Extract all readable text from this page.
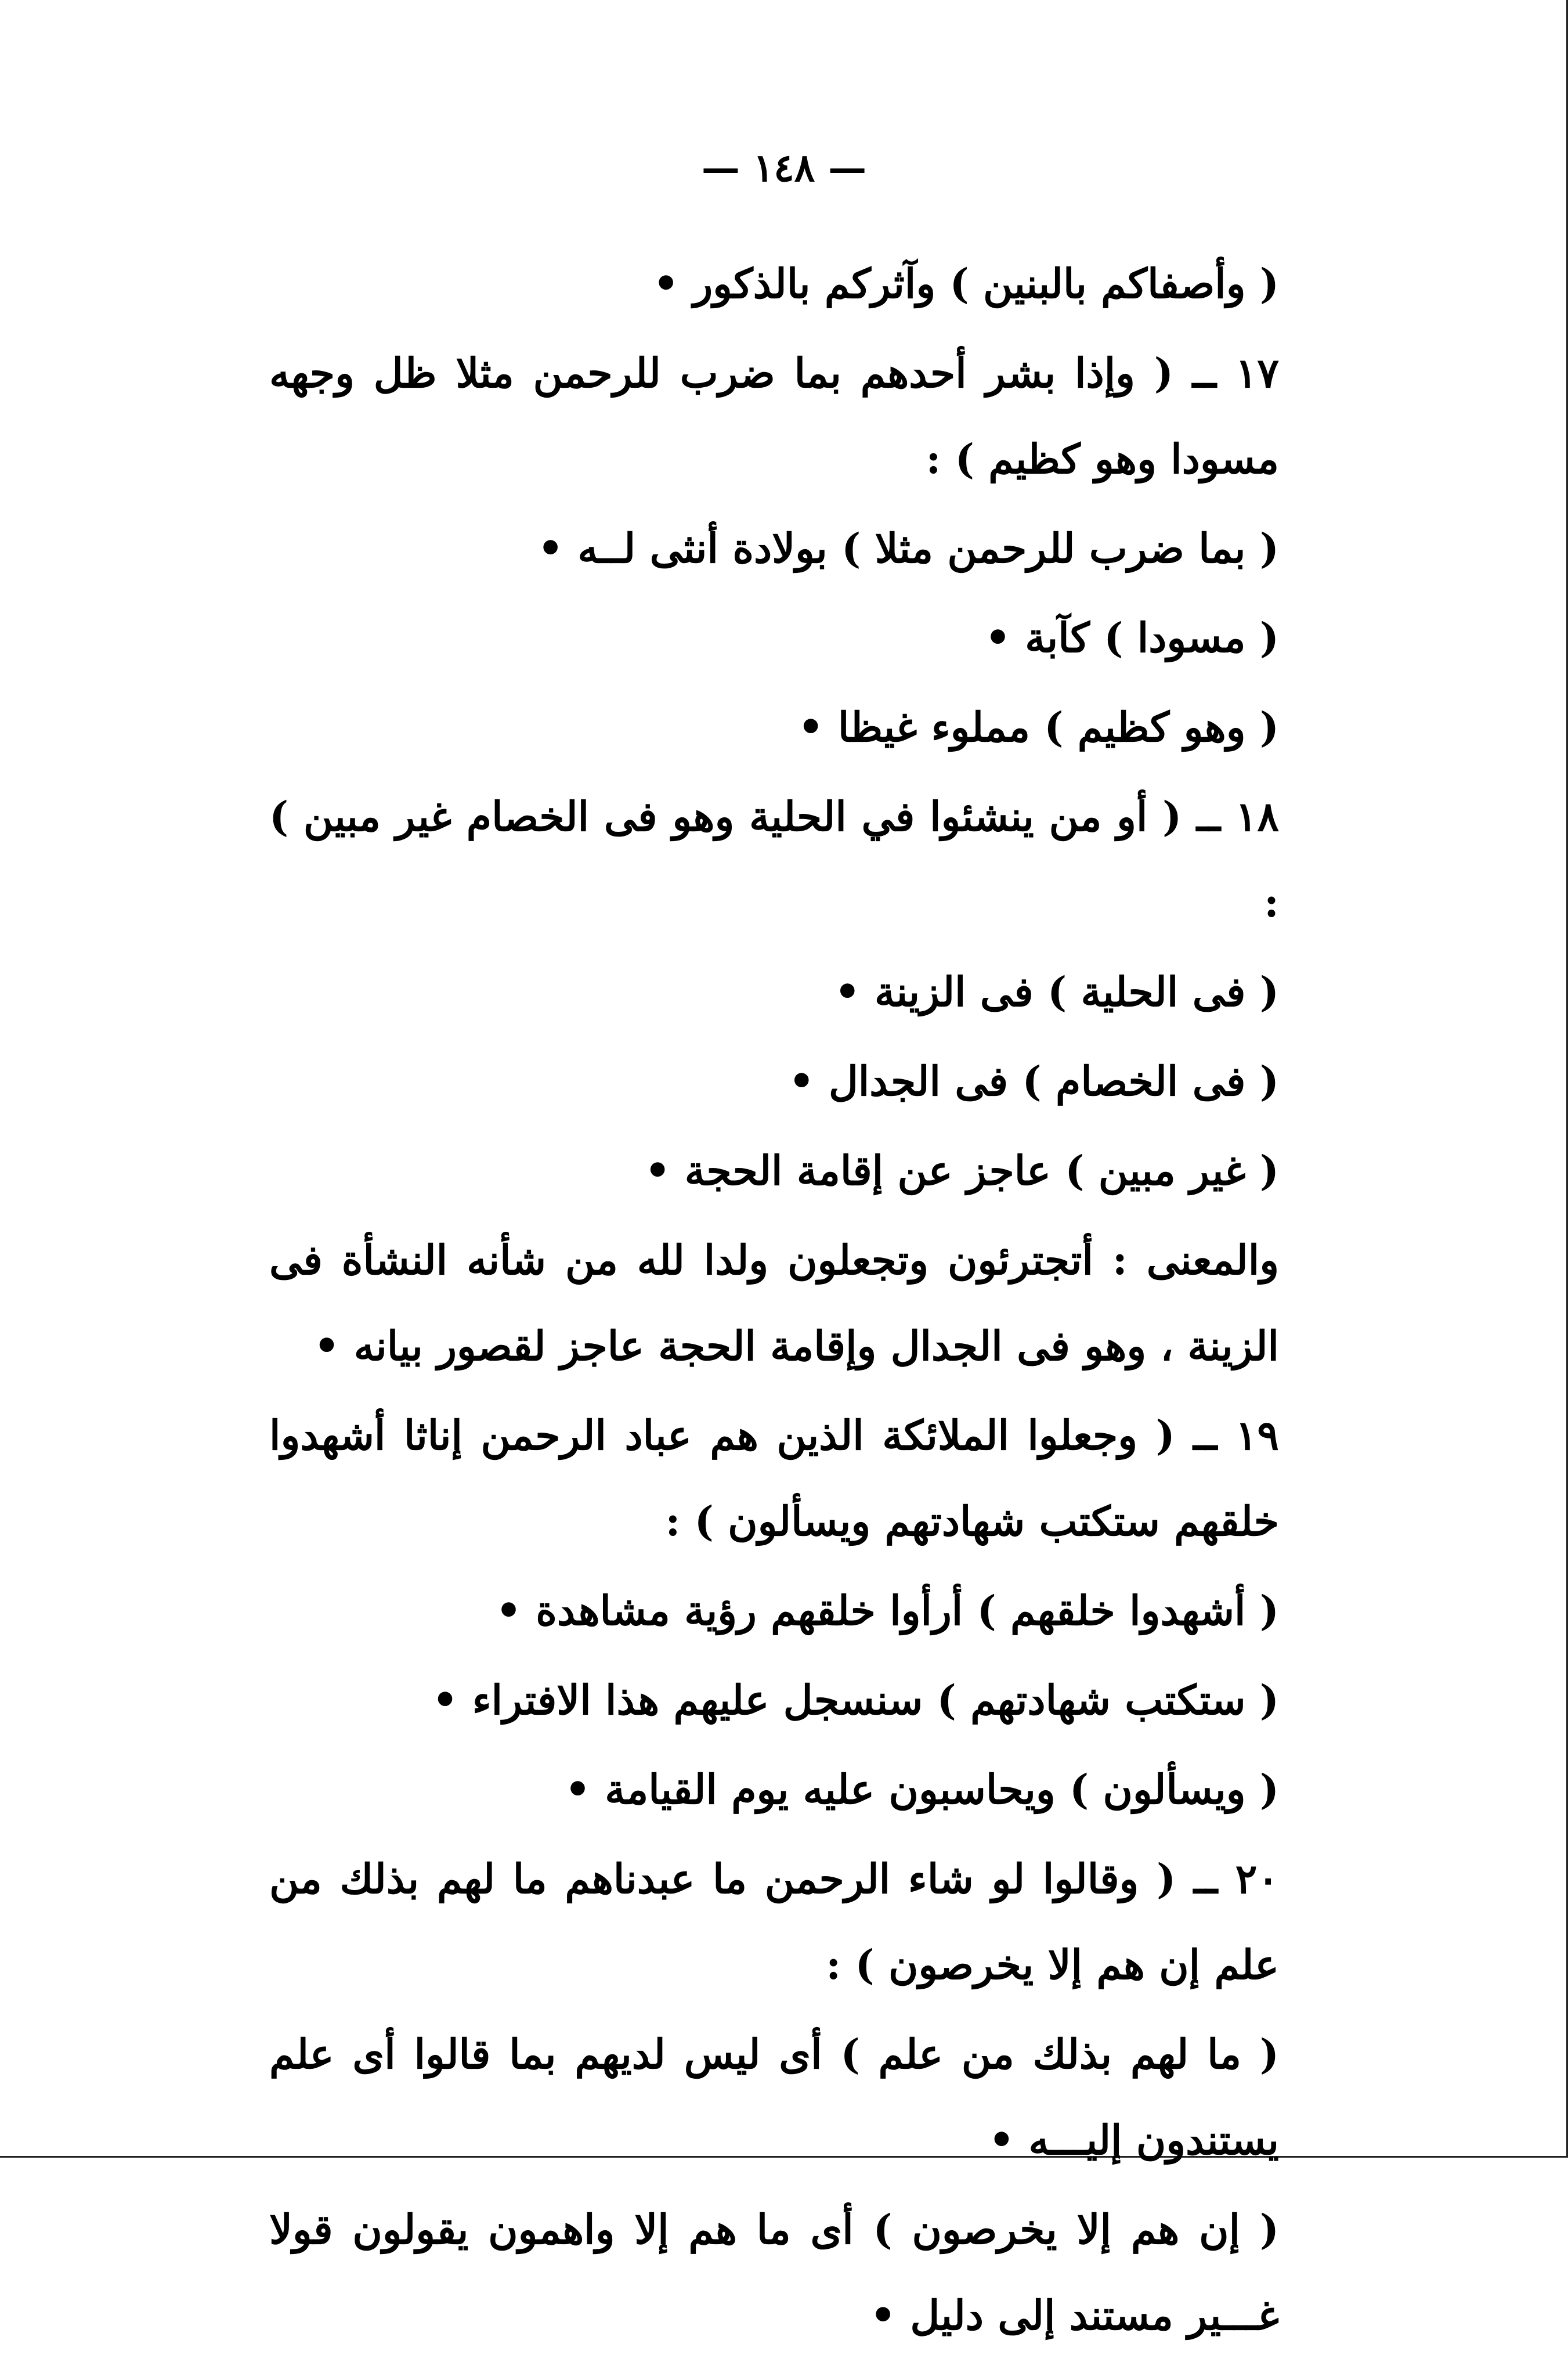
— ١٤٨ —

( وأصفاكم بالبنين ) وآثركم بالذكور •

١٧ ــ ( وإذا بشر أحدهم بما ضرب للرحمن مثلا ظل وجهه مسودا وهو كظيم ) :

( بما ضرب للرحمن مثلا ) بولادة أنثى لــه •

( مسودا ) كآبة •

( وهو كظيم ) مملوء غيظا •

١٨ ــ ( أو من ينشئوا في الحلية وهو فى الخصام غير مبين ) :

( فى الحلية ) فى الزينة •

( فى الخصام ) فى الجدال •

( غير مبين ) عاجز عن إقامة الحجة •

والمعنى : أتجترئون وتجعلون ولدا لله من شأنه النشأة فى الزينة ، وهو فى الجدال وإقامة الحجة عاجز لقصور بيانه •

١٩ ــ ( وجعلوا الملائكة الذين هم عباد الرحمن إناثا أشهدوا خلقهم ستكتب شهادتهم ويسألون ) :

( أشهدوا خلقهم ) أرأوا خلقهم رؤية مشاهدة •

( ستكتب شهادتهم ) سنسجل عليهم هذا الافتراء •

( ويسألون ) ويحاسبون عليه يوم القيامة •

٢٠ ــ ( وقالوا لو شاء الرحمن ما عبدناهم ما لهم بذلك من علم إن هم إلا يخرصون ) :

( ما لهم بذلك من علم ) أى ليس لديهم بما قالوا أى علم يستندون إليـــه •

( إن هم إلا يخرصون ) أى ما هم إلا واهمون يقولون قولا غـــير مستند إلى دليل •
